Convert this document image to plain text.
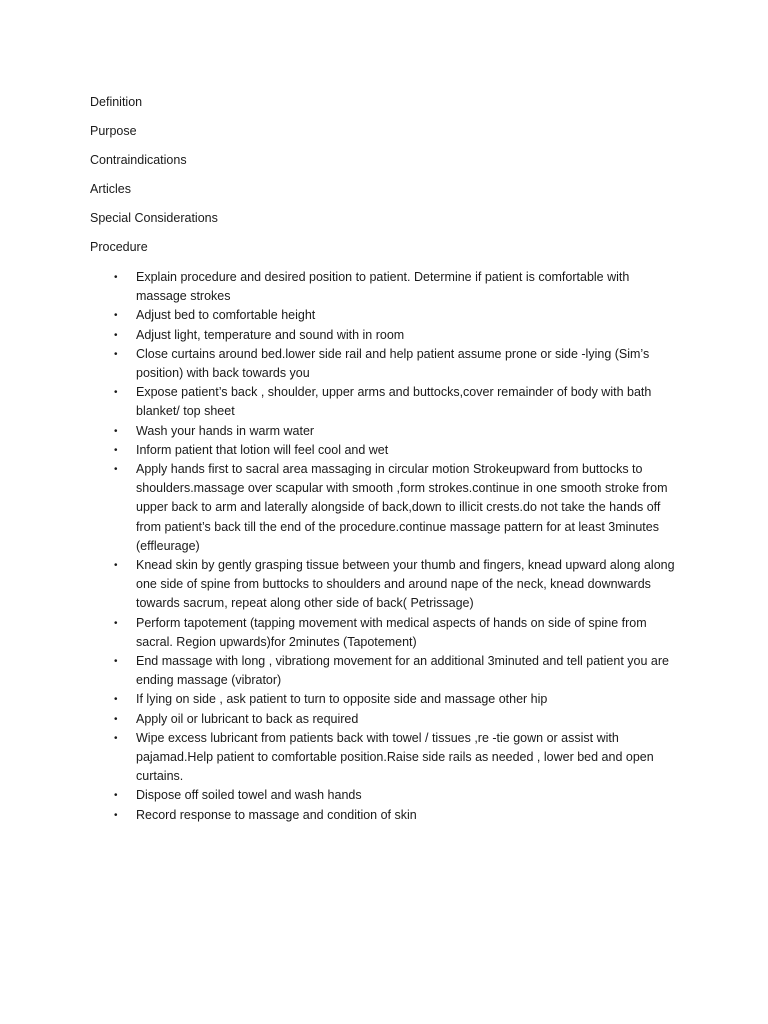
Definition
Purpose
Contraindications
Articles
Special Considerations
Procedure
•	Explain procedure and desired position to patient. Determine if patient is comfortable with massage strokes
•	Adjust bed to comfortable height
•	Adjust light, temperature and sound with in room
•	Close curtains around bed.lower side rail and help patient assume prone or side -lying (Sim’s position) with back towards you
•	Expose patient’s back , shoulder, upper arms and buttocks,cover remainder of body with bath blanket/ top sheet
•	Wash your hands in warm water
•	Inform patient that lotion will feel cool and wet
•	Apply hands first to sacral area massaging in circular motion Strokeupward from buttocks to shoulders.massage over scapular with smooth ,form strokes.continue in one smooth stroke from upper back to arm and laterally alongside of back,down to illicit crests.do not take the hands off from patient’s back till the end of the procedure.continue massage pattern for at least 3minutes (effleurage)
•	Knead skin by gently grasping tissue between your thumb and fingers, knead upward along along one side of spine from buttocks to shoulders and around nape of the neck, knead downwards towards sacrum, repeat along other side of back( Petrissage)
•	Perform tapotement (tapping movement with medical aspects of hands on side of spine from sacral. Region upwards)for 2minutes (Tapotement)
•	End massage with long , vibrationg movement for an additional 3minuted and tell patient you are ending massage (vibrator)
•	If lying on side , ask patient to turn to opposite side and massage other hip
•	Apply oil or lubricant to back as required
•	Wipe excess lubricant from patients back with towel / tissues ,re -tie gown or assist with pajamad.Help patient to comfortable position.Raise side rails as needed , lower bed and open curtains.
•	Dispose off soiled towel and wash hands
•	Record response to massage and condition of skin
